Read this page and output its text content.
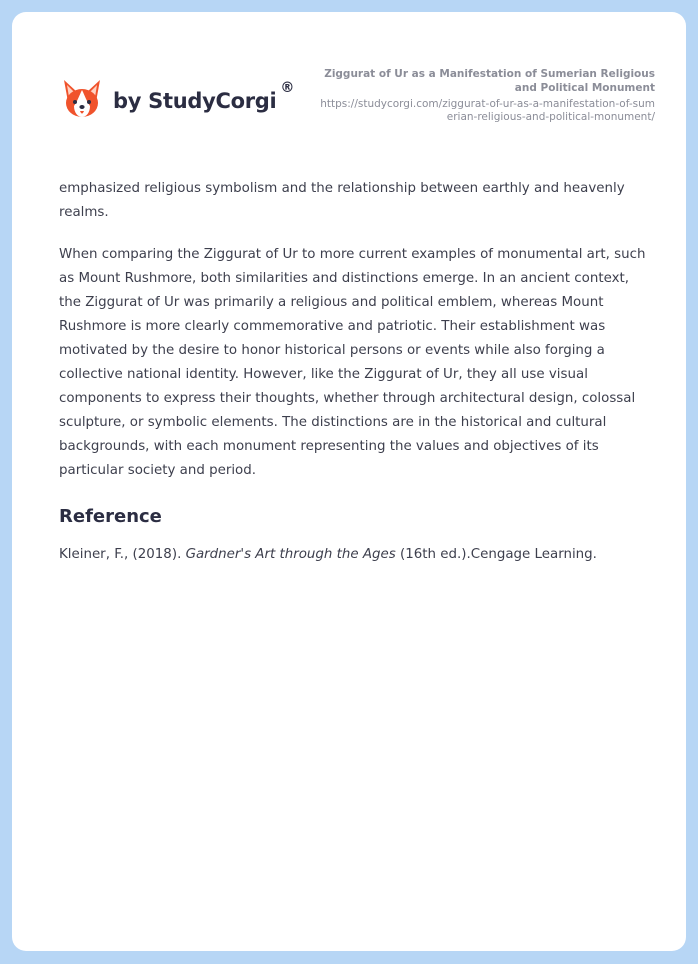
by StudyCorgi
®
Ziggurat of Ur as a Manifestation of Sumerian Religious and Political Monument
https://studycorgi.com/ziggurat-of-ur-as-a-manifestation-of-sumerian-religious-and-political-monument/

emphasized religious symbolism and the relationship between earthly and heavenly realms.

When comparing the Ziggurat of Ur to more current examples of monumental art, such as Mount Rushmore, both similarities and distinctions emerge. In an ancient context, the Ziggurat of Ur was primarily a religious and political emblem, whereas Mount Rushmore is more clearly commemorative and patriotic. Their establishment was motivated by the desire to honor historical persons or events while also forging a collective national identity. However, like the Ziggurat of Ur, they all use visual components to express their thoughts, whether through architectural design, colossal sculpture, or symbolic elements. The distinctions are in the historical and cultural backgrounds, with each monument representing the values and objectives of its particular society and period.

Reference

Kleiner, F., (2018). Gardner's Art through the Ages (16th ed.).Cengage Learning.
